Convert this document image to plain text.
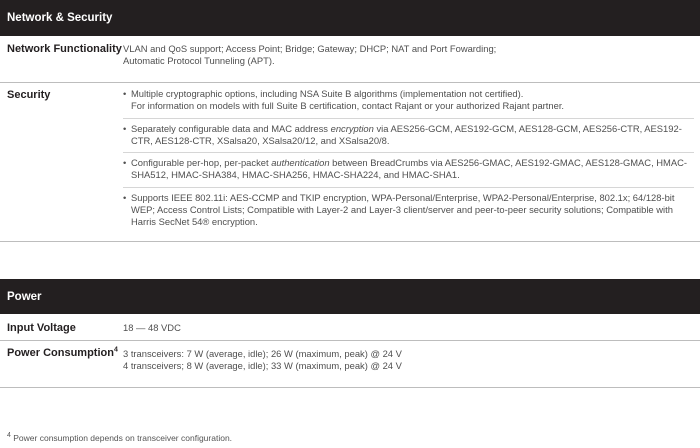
Network & Security
Network Functionality VLAN and QoS support; Access Point; Bridge; Gateway; DHCP; NAT and Port Fowarding;
Automatic Protocol Tunneling (APT).
Security	• Multiple cryptographic options, including NSA Suite B algorithms (implementation not certified).
For information on models with full Suite B certification, contact Rajant or your authorized Rajant partner.
• Separately configurable data and MAC address encryption via AES256-GCM, AES192-GCM, AES128-GCM, AES256-CTR, AES192-CTR, AES128-CTR, XSalsa20, XSalsa20/12, and XSalsa20/8.
• Configurable per-hop, per-packet authentication between BreadCrumbs via AES256-GMAC, AES192-GMAC, AES128-GMAC, HMAC-SHA512, HMAC-SHA384, HMAC-SHA256, HMAC-SHA224, and HMAC-SHA1.
• Supports IEEE 802.11i: AES-CCMP and TKIP encryption, WPA-Personal/Enterprise, WPA2-Personal/Enterprise, 802.1x; 64/128-bit WEP; Access Control Lists; Compatible with Layer-2 and Layer-3 client/server and peer-to-peer security solutions; Compatible with Harris SecNet 54® encryption.
Power
Input Voltage	18 — 48 VDC
Power Consumption$^4$ 3 transceivers: 7 W (average, idle); 26 W (maximum, peak) @ 24 V
4 transceivers; 8 W (average, idle); 33 W (maximum, peak) @ 24 V
$^4$ Power consumption depends on transceiver configuration.
